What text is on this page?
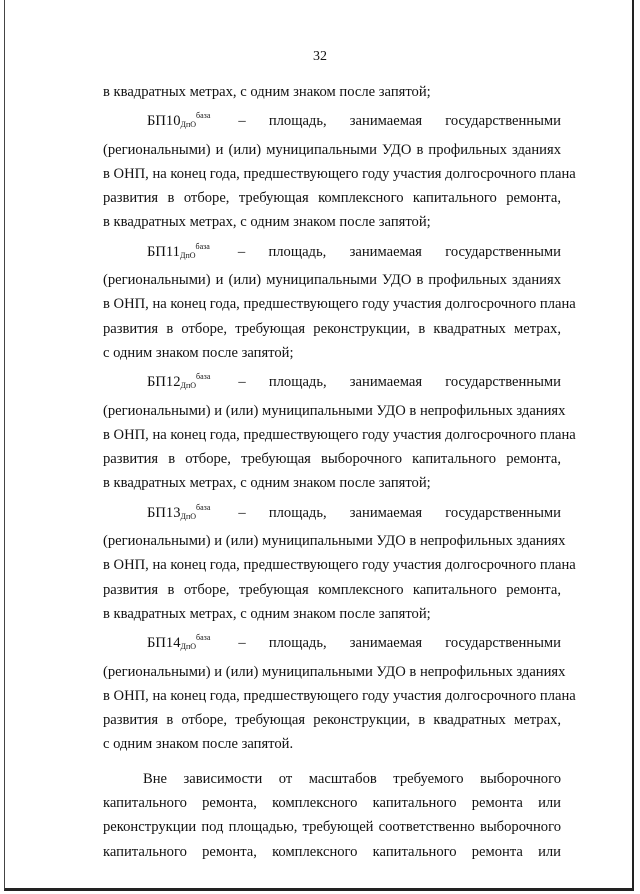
32
в квадратных метрах, с одним знаком после запятой;
$БП10_{ДпО}^{база}$ – площадь, занимаемая государственными
(региональными) и (или) муниципальными УДО в профильных зданиях
в ОНП, на конец года, предшествующего году участия долгосрочного плана
развития в отборе, требующая комплексного капитального ремонта,
в квадратных метрах, с одним знаком после запятой;
$БП11_{ДпО}^{база}$ – площадь, занимаемая государственными
(региональными) и (или) муниципальными УДО в профильных зданиях
в ОНП, на конец года, предшествующего году участия долгосрочного плана
развития в отборе, требующая реконструкции, в квадратных метрах,
с одним знаком после запятой;
$БП12_{ДпО}^{база}$ – площадь, занимаемая государственными
(региональными) и (или) муниципальными УДО в непрофильных зданиях
в ОНП, на конец года, предшествующего году участия долгосрочного плана
развития в отборе, требующая выборочного капитального ремонта,
в квадратных метрах, с одним знаком после запятой;
$БП13_{ДпО}^{база}$ – площадь, занимаемая государственными
(региональными) и (или) муниципальными УДО в непрофильных зданиях
в ОНП, на конец года, предшествующего году участия долгосрочного плана
развития в отборе, требующая комплексного капитального ремонта,
в квадратных метрах, с одним знаком после запятой;
$БП14_{ДпО}^{база}$ – площадь, занимаемая государственными
(региональными) и (или) муниципальными УДО в непрофильных зданиях
в ОНП, на конец года, предшествующего году участия долгосрочного плана
развития в отборе, требующая реконструкции, в квадратных метрах,
с одним знаком после запятой.
Вне зависимости от масштабов требуемого выборочного
капитального ремонта, комплексного капитального ремонта или
реконструкции под площадью, требующей соответственно выборочного
капитального ремонта, комплексного капитального ремонта или
